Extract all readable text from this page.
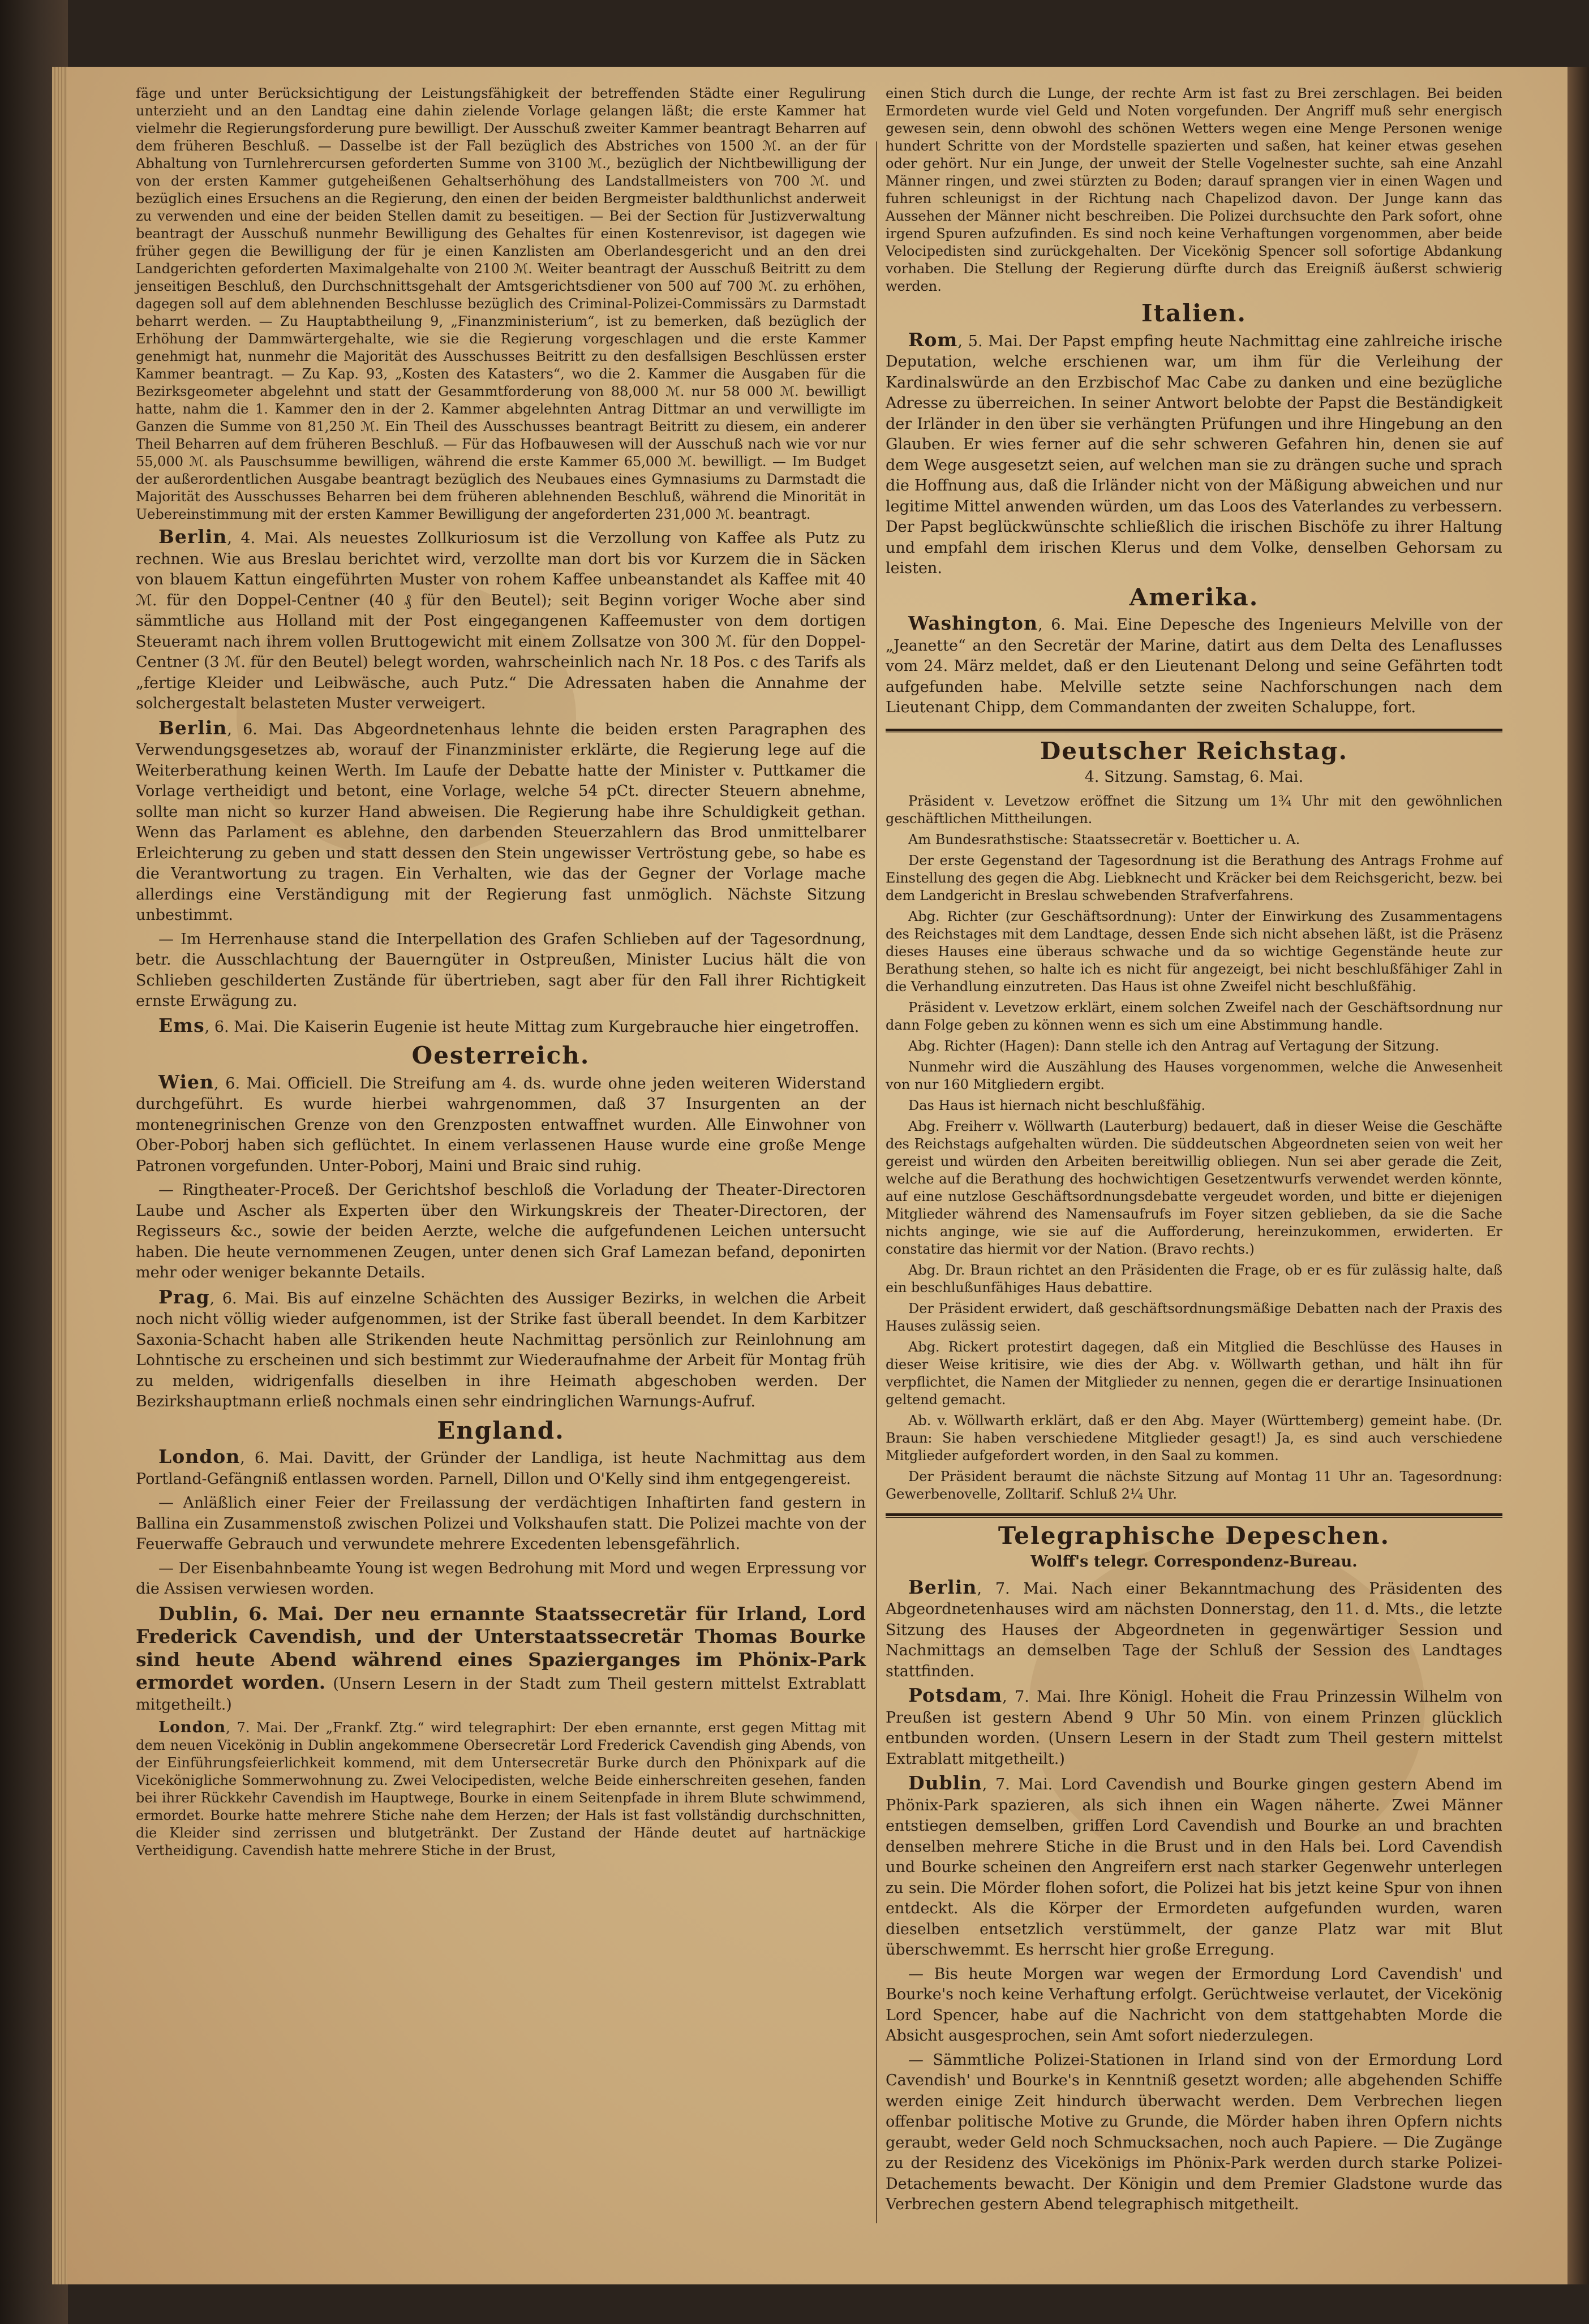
fäge und unter Berücksichtigung der Leistungsfähigkeit der betreffenden Städte einer Regulirung unterzieht und an den Landtag eine dahin zielende Vorlage gelangen läßt; die erste Kammer hat vielmehr die Regierungsforderung pure bewilligt. Der Ausschuß zweiter Kammer beantragt Beharren auf dem früheren Beschluß. — Dasselbe ist der Fall bezüglich des Abstriches von 1500 ℳ. an der für Abhaltung von Turnlehrercursen geforderten Summe von 3100 ℳ., bezüglich der Nichtbewilligung der von der ersten Kammer gutgeheißenen Gehaltserhöhung des Landstallmeisters von 700 ℳ. und bezüglich eines Ersuchens an die Regierung, den einen der beiden Bergmeister baldthunlichst anderweit zu verwenden und eine der beiden Stellen damit zu beseitigen. — Bei der Section für Justizverwaltung beantragt der Ausschuß nunmehr Bewilligung des Gehaltes für einen Kostenrevisor, ist dagegen wie früher gegen die Bewilligung der für je einen Kanzlisten am Oberlandesgericht und an den drei Landgerichten geforderten Maximalgehalte von 2100 ℳ. Weiter beantragt der Ausschuß Beitritt zu dem jenseitigen Beschluß, den Durchschnittsgehalt der Amtsgerichtsdiener von 500 auf 700 ℳ. zu erhöhen, dagegen soll auf dem ablehnenden Beschlusse bezüglich des Criminal-Polizei-Commissärs zu Darmstadt beharrt werden. — Zu Hauptabtheilung 9, „Finanzministerium“, ist zu bemerken, daß bezüglich der Erhöhung der Dammwärtergehalte, wie sie die Regierung vorgeschlagen und die erste Kammer genehmigt hat, nunmehr die Majorität des Ausschusses Beitritt zu den desfallsigen Beschlüssen erster Kammer beantragt. — Zu Kap. 93, „Kosten des Katasters“, wo die 2. Kammer die Ausgaben für die Bezirksgeometer abgelehnt und statt der Gesammtforderung von 88,000 ℳ. nur 58 000 ℳ. bewilligt hatte, nahm die 1. Kammer den in der 2. Kammer abgelehnten Antrag Dittmar an und verwilligte im Ganzen die Summe von 81,250 ℳ. Ein Theil des Ausschusses beantragt Beitritt zu diesem, ein anderer Theil Beharren auf dem früheren Beschluß. — Für das Hofbauwesen will der Ausschuß nach wie vor nur 55,000 ℳ. als Pauschsumme bewilligen, während die erste Kammer 65,000 ℳ. bewilligt. — Im Budget der außerordentlichen Ausgabe beantragt bezüglich des Neubaues eines Gymnasiums zu Darmstadt die Majorität des Ausschusses Beharren bei dem früheren ablehnenden Beschluß, während die Minorität in Uebereinstimmung mit der ersten Kammer Bewilligung der angeforderten 231,000 ℳ. beantragt.

Berlin, 4. Mai. Als neuestes Zollkuriosum ist die Verzollung von Kaffee als Putz zu rechnen. Wie aus Breslau berichtet wird, verzollte man dort bis vor Kurzem die in Säcken von blauem Kattun eingeführten Muster von rohem Kaffee unbeanstandet als Kaffee mit 40 ℳ. für den Doppel-Centner (40 ₰ für den Beutel); seit Beginn voriger Woche aber sind sämmtliche aus Holland mit der Post eingegangenen Kaffeemuster von dem dortigen Steueramt nach ihrem vollen Bruttogewicht mit einem Zollsatze von 300 ℳ. für den Doppel-Centner (3 ℳ. für den Beutel) belegt worden, wahrscheinlich nach Nr. 18 Pos. c des Tarifs als „fertige Kleider und Leibwäsche, auch Putz.“ Die Adressaten haben die Annahme der solchergestalt belasteten Muster verweigert.

Berlin, 6. Mai. Das Abgeordnetenhaus lehnte die beiden ersten Paragraphen des Verwendungsgesetzes ab, worauf der Finanzminister erklärte, die Regierung lege auf die Weiterberathung keinen Werth. Im Laufe der Debatte hatte der Minister v. Puttkamer die Vorlage vertheidigt und betont, eine Vorlage, welche 54 pCt. directer Steuern abnehme, sollte man nicht so kurzer Hand abweisen. Die Regierung habe ihre Schuldigkeit gethan. Wenn das Parlament es ablehne, den darbenden Steuerzahlern das Brod unmittelbarer Erleichterung zu geben und statt dessen den Stein ungewisser Vertröstung gebe, so habe es die Verantwortung zu tragen. Ein Verhalten, wie das der Gegner der Vorlage mache allerdings eine Verständigung mit der Regierung fast unmöglich. Nächste Sitzung unbestimmt.

— Im Herrenhause stand die Interpellation des Grafen Schlieben auf der Tagesordnung, betr. die Ausschlachtung der Bauerngüter in Ostpreußen, Minister Lucius hält die von Schlieben geschilderten Zustände für übertrieben, sagt aber für den Fall ihrer Richtigkeit ernste Erwägung zu.

Ems, 6. Mai. Die Kaiserin Eugenie ist heute Mittag zum Kurgebrauche hier eingetroffen.

Oesterreich.

Wien, 6. Mai. Officiell. Die Streifung am 4. ds. wurde ohne jeden weiteren Widerstand durchgeführt. Es wurde hierbei wahrgenommen, daß 37 Insurgenten an der montenegrinischen Grenze von den Grenzposten entwaffnet wurden. Alle Einwohner von Ober-Poborj haben sich geflüchtet. In einem verlassenen Hause wurde eine große Menge Patronen vorgefunden. Unter-Poborj, Maini und Braic sind ruhig.

— Ringtheater-Proceß. Der Gerichtshof beschloß die Vorladung der Theater-Directoren Laube und Ascher als Experten über den Wirkungskreis der Theater-Directoren, der Regisseurs &c., sowie der beiden Aerzte, welche die aufgefundenen Leichen untersucht haben. Die heute vernommenen Zeugen, unter denen sich Graf Lamezan befand, deponirten mehr oder weniger bekannte Details.

Prag, 6. Mai. Bis auf einzelne Schächten des Aussiger Bezirks, in welchen die Arbeit noch nicht völlig wieder aufgenommen, ist der Strike fast überall beendet. In dem Karbitzer Saxonia-Schacht haben alle Strikenden heute Nachmittag persönlich zur Reinlohnung am Lohntische zu erscheinen und sich bestimmt zur Wiederaufnahme der Arbeit für Montag früh zu melden, widrigenfalls dieselben in ihre Heimath abgeschoben werden. Der Bezirkshauptmann erließ nochmals einen sehr eindringlichen Warnungs-Aufruf.

England.

London, 6. Mai. Davitt, der Gründer der Landliga, ist heute Nachmittag aus dem Portland-Gefängniß entlassen worden. Parnell, Dillon und O'Kelly sind ihm entgegengereist.

— Anläßlich einer Feier der Freilassung der verdächtigen Inhaftirten fand gestern in Ballina ein Zusammenstoß zwischen Polizei und Volkshaufen statt. Die Polizei machte von der Feuerwaffe Gebrauch und verwundete mehrere Excedenten lebensgefährlich.

— Der Eisenbahnbeamte Young ist wegen Bedrohung mit Mord und wegen Erpressung vor die Assisen verwiesen worden.

Dublin, 6. Mai. Der neu ernannte Staatssecretär für Irland, Lord Frederick Cavendish, und der Unterstaatssecretär Thomas Bourke sind heute Abend während eines Spazierganges im Phönix-Park ermordet worden. (Unsern Lesern in der Stadt zum Theil gestern mittelst Extrablatt mitgetheilt.)

London, 7. Mai. Der „Frankf. Ztg.“ wird telegraphirt: Der eben ernannte, erst gegen Mittag mit dem neuen Vicekönig in Dublin angekommene Obersecretär Lord Frederick Cavendish ging Abends, von der Einführungsfeierlichkeit kommend, mit dem Untersecretär Burke durch den Phönixpark auf die Vicekönigliche Sommerwohnung zu. Zwei Velocipedisten, welche Beide einherschreiten gesehen, fanden bei ihrer Rückkehr Cavendish im Hauptwege, Bourke in einem Seitenpfade in ihrem Blute schwimmend, ermordet. Bourke hatte mehrere Stiche nahe dem Herzen; der Hals ist fast vollständig durchschnitten, die Kleider sind zerrissen und blutgetränkt. Der Zustand der Hände deutet auf hartnäckige Vertheidigung. Cavendish hatte mehrere Stiche in der Brust,

einen Stich durch die Lunge, der rechte Arm ist fast zu Brei zerschlagen. Bei beiden Ermordeten wurde viel Geld und Noten vorgefunden. Der Angriff muß sehr energisch gewesen sein, denn obwohl des schönen Wetters wegen eine Menge Personen wenige hundert Schritte von der Mordstelle spazierten und saßen, hat keiner etwas gesehen oder gehört. Nur ein Junge, der unweit der Stelle Vogelnester suchte, sah eine Anzahl Männer ringen, und zwei stürzten zu Boden; darauf sprangen vier in einen Wagen und fuhren schleunigst in der Richtung nach Chapelizod davon. Der Junge kann das Aussehen der Männer nicht beschreiben. Die Polizei durchsuchte den Park sofort, ohne irgend Spuren aufzufinden. Es sind noch keine Verhaftungen vorgenommen, aber beide Velocipedisten sind zurückgehalten. Der Vicekönig Spencer soll sofortige Abdankung vorhaben. Die Stellung der Regierung dürfte durch das Ereigniß äußerst schwierig werden.

Italien.

Rom, 5. Mai. Der Papst empfing heute Nachmittag eine zahlreiche irische Deputation, welche erschienen war, um ihm für die Verleihung der Kardinalswürde an den Erzbischof Mac Cabe zu danken und eine bezügliche Adresse zu überreichen. In seiner Antwort belobte der Papst die Beständigkeit der Irländer in den über sie verhängten Prüfungen und ihre Hingebung an den Glauben. Er wies ferner auf die sehr schweren Gefahren hin, denen sie auf dem Wege ausgesetzt seien, auf welchen man sie zu drängen suche und sprach die Hoffnung aus, daß die Irländer nicht von der Mäßigung abweichen und nur legitime Mittel anwenden würden, um das Loos des Vaterlandes zu verbessern. Der Papst beglückwünschte schließlich die irischen Bischöfe zu ihrer Haltung und empfahl dem irischen Klerus und dem Volke, denselben Gehorsam zu leisten.

Amerika.

Washington, 6. Mai. Eine Depesche des Ingenieurs Melville von der „Jeanette“ an den Secretär der Marine, datirt aus dem Delta des Lenaflusses vom 24. März meldet, daß er den Lieutenant Delong und seine Gefährten todt aufgefunden habe. Melville setzte seine Nachforschungen nach dem Lieutenant Chipp, dem Commandanten der zweiten Schaluppe, fort.

Deutscher Reichstag.
4. Sitzung. Samstag, 6. Mai.

Präsident v. Levetzow eröffnet die Sitzung um 1¾ Uhr mit den gewöhnlichen geschäftlichen Mittheilungen.

Am Bundesrathstische: Staatssecretär v. Boetticher u. A.

Der erste Gegenstand der Tagesordnung ist die Berathung des Antrags Frohme auf Einstellung des gegen die Abg. Liebknecht und Kräcker bei dem Reichsgericht, bezw. bei dem Landgericht in Breslau schwebenden Strafverfahrens.

Abg. Richter (zur Geschäftsordnung): Unter der Einwirkung des Zusammentagens des Reichstages mit dem Landtage, dessen Ende sich nicht absehen läßt, ist die Präsenz dieses Hauses eine überaus schwache und da so wichtige Gegenstände heute zur Berathung stehen, so halte ich es nicht für angezeigt, bei nicht beschlußfähiger Zahl in die Verhandlung einzutreten. Das Haus ist ohne Zweifel nicht beschlußfähig.

Präsident v. Levetzow erklärt, einem solchen Zweifel nach der Geschäftsordnung nur dann Folge geben zu können wenn es sich um eine Abstimmung handle.

Abg. Richter (Hagen): Dann stelle ich den Antrag auf Vertagung der Sitzung.

Nunmehr wird die Auszählung des Hauses vorgenommen, welche die Anwesenheit von nur 160 Mitgliedern ergibt.

Das Haus ist hiernach nicht beschlußfähig.

Abg. Freiherr v. Wöllwarth (Lauterburg) bedauert, daß in dieser Weise die Geschäfte des Reichstags aufgehalten würden. Die süddeutschen Abgeordneten seien von weit her gereist und würden den Arbeiten bereitwillig obliegen. Nun sei aber gerade die Zeit, welche auf die Berathung des hochwichtigen Gesetzentwurfs verwendet werden könnte, auf eine nutzlose Geschäftsordnungsdebatte vergeudet worden, und bitte er diejenigen Mitglieder während des Namensaufrufs im Foyer sitzen geblieben, da sie die Sache nichts anginge, wie sie auf die Aufforderung, hereinzukommen, erwiderten. Er constatire das hiermit vor der Nation. (Bravo rechts.)

Abg. Dr. Braun richtet an den Präsidenten die Frage, ob er es für zulässig halte, daß ein beschlußunfähiges Haus debattire.

Der Präsident erwidert, daß geschäftsordnungsmäßige Debatten nach der Praxis des Hauses zulässig seien.

Abg. Rickert protestirt dagegen, daß ein Mitglied die Beschlüsse des Hauses in dieser Weise kritisire, wie dies der Abg. v. Wöllwarth gethan, und hält ihn für verpflichtet, die Namen der Mitglieder zu nennen, gegen die er derartige Insinuationen geltend gemacht.

Ab. v. Wöllwarth erklärt, daß er den Abg. Mayer (Württemberg) gemeint habe. (Dr. Braun: Sie haben verschiedene Mitglieder gesagt!) Ja, es sind auch verschiedene Mitglieder aufgefordert worden, in den Saal zu kommen.

Der Präsident beraumt die nächste Sitzung auf Montag 11 Uhr an. Tagesordnung: Gewerbenovelle, Zolltarif. Schluß 2¼ Uhr.

Telegraphische Depeschen.
Wolff's telegr. Correspondenz-Bureau.

Berlin, 7. Mai. Nach einer Bekanntmachung des Präsidenten des Abgeordnetenhauses wird am nächsten Donnerstag, den 11. d. Mts., die letzte Sitzung des Hauses der Abgeordneten in gegenwärtiger Session und Nachmittags an demselben Tage der Schluß der Session des Landtages stattfinden.

Potsdam, 7. Mai. Ihre Königl. Hoheit die Frau Prinzessin Wilhelm von Preußen ist gestern Abend 9 Uhr 50 Min. von einem Prinzen glücklich entbunden worden. (Unsern Lesern in der Stadt zum Theil gestern mittelst Extrablatt mitgetheilt.)

Dublin, 7. Mai. Lord Cavendish und Bourke gingen gestern Abend im Phönix-Park spazieren, als sich ihnen ein Wagen näherte. Zwei Männer entstiegen demselben, griffen Lord Cavendish und Bourke an und brachten denselben mehrere Stiche in die Brust und in den Hals bei. Lord Cavendish und Bourke scheinen den Angreifern erst nach starker Gegenwehr unterlegen zu sein. Die Mörder flohen sofort, die Polizei hat bis jetzt keine Spur von ihnen entdeckt. Als die Körper der Ermordeten aufgefunden wurden, waren dieselben entsetzlich verstümmelt, der ganze Platz war mit Blut überschwemmt. Es herrscht hier große Erregung.

— Bis heute Morgen war wegen der Ermordung Lord Cavendish' und Bourke's noch keine Verhaftung erfolgt. Gerüchtweise verlautet, der Vicekönig Lord Spencer, habe auf die Nachricht von dem stattgehabten Morde die Absicht ausgesprochen, sein Amt sofort niederzulegen.

— Sämmtliche Polizei-Stationen in Irland sind von der Ermordung Lord Cavendish' und Bourke's in Kenntniß gesetzt worden; alle abgehenden Schiffe werden einige Zeit hindurch überwacht werden. Dem Verbrechen liegen offenbar politische Motive zu Grunde, die Mörder haben ihren Opfern nichts geraubt, weder Geld noch Schmucksachen, noch auch Papiere. — Die Zugänge zu der Residenz des Vicekönigs im Phönix-Park werden durch starke Polizei-Detachements bewacht. Der Königin und dem Premier Gladstone wurde das Verbrechen gestern Abend telegraphisch mitgetheilt.
